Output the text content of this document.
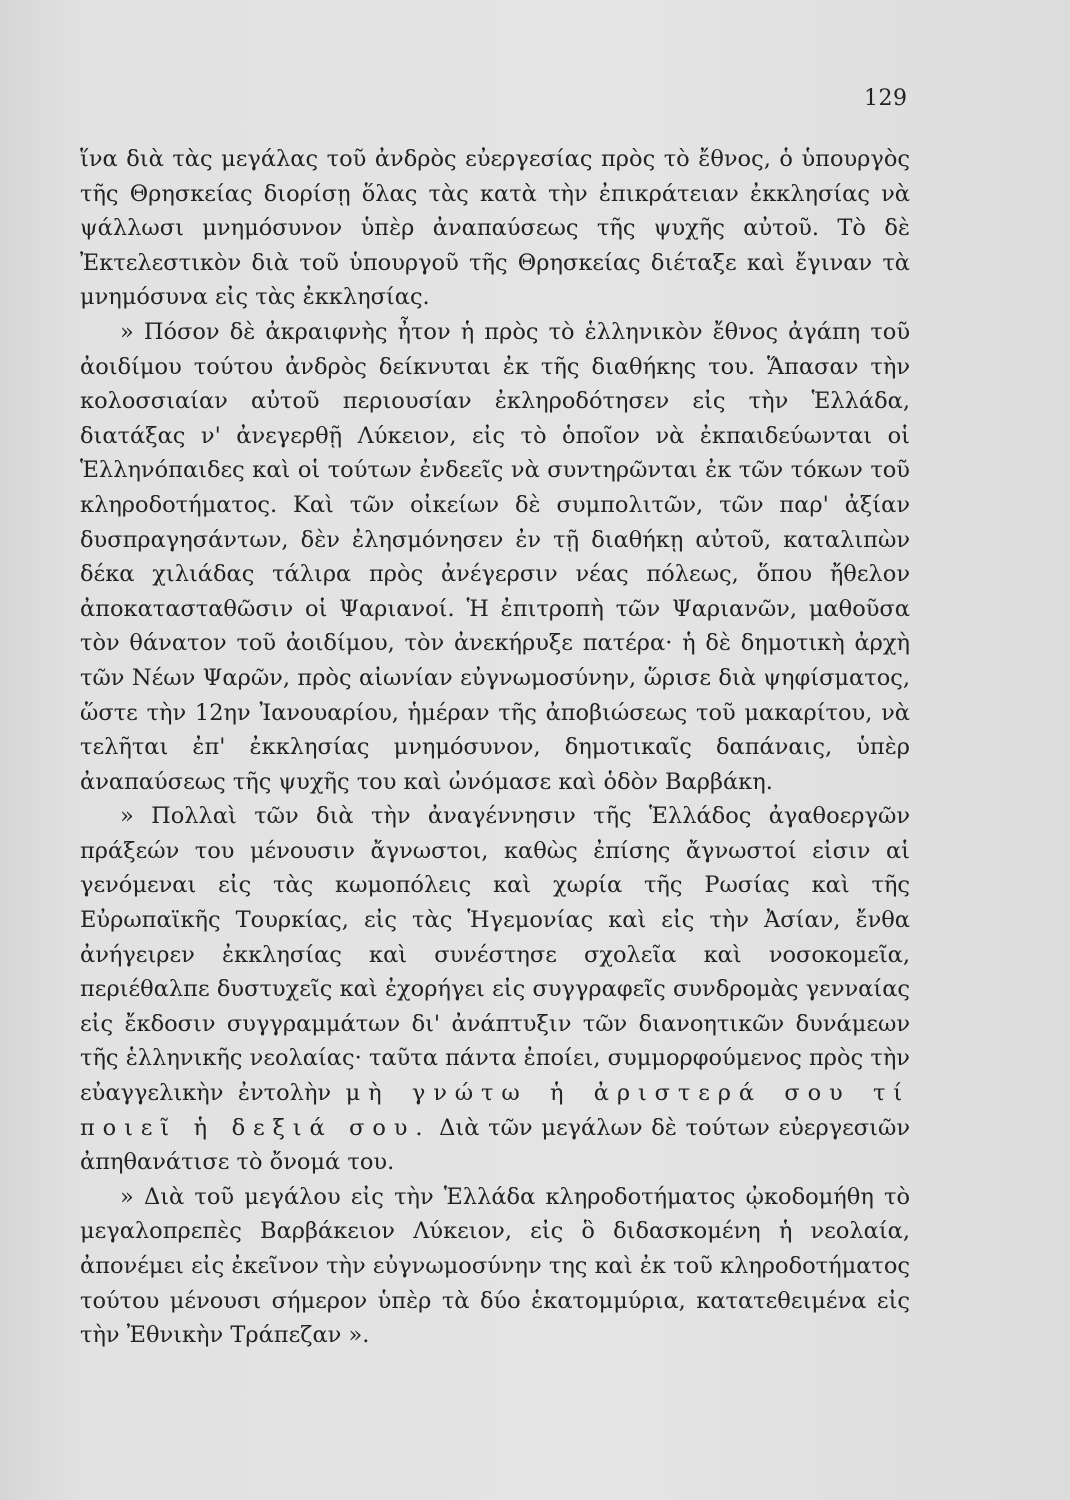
129

ἵνα διὰ τὰς μεγάλας τοῦ ἀνδρὸς εὐεργεσίας πρὸς τὸ ἔθνος, ὁ ὑπουργὸς τῆς Θρησκείας διορίσῃ ὅλας τὰς κατὰ τὴν ἐπικράτειαν ἐκκλησίας νὰ ψάλλωσι μνημόσυνον ὑπὲρ ἀναπαύσεως τῆς ψυχῆς αὐτοῦ. Τὸ δὲ Ἐκτελεστικὸν διὰ τοῦ ὑπουργοῦ τῆς Θρησκείας διέταξε καὶ ἔγιναν τὰ μνημόσυνα εἰς τὰς ἐκκλησίας.

» Πόσον δὲ ἀκραιφνὴς ἦτον ἡ πρὸς τὸ ἑλληνικὸν ἔθνος ἀγάπη τοῦ ἀοιδίμου τούτου ἀνδρὸς δείκνυται ἐκ τῆς διαθήκης του. Ἅπασαν τὴν κολοσσιαίαν αὐτοῦ περιουσίαν ἐκληροδότησεν εἰς τὴν Ἑλλάδα, διατάξας ν' ἀνεγερθῇ Λύκειον, εἰς τὸ ὁποῖον νὰ ἐκπαιδεύωνται οἱ Ἑλληνόπαιδες καὶ οἱ τούτων ἐνδεεῖς νὰ συντηρῶνται ἐκ τῶν τόκων τοῦ κληροδοτήματος. Καὶ τῶν οἰκείων δὲ συμπολιτῶν, τῶν παρ' ἀξίαν δυσπραγησάντων, δὲν ἐλησμόνησεν ἐν τῇ διαθήκῃ αὐτοῦ, καταλιπὼν δέκα χιλιάδας τάλιρα πρὸς ἀνέγερσιν νέας πόλεως, ὅπου ἤθελον ἀποκατασταθῶσιν οἱ Ψαριανοί. Ἡ ἐπιτροπὴ τῶν Ψαριανῶν, μαθοῦσα τὸν θάνατον τοῦ ἀοιδίμου, τὸν ἀνεκήρυξε πατέρα· ἡ δὲ δημοτικὴ ἀρχὴ τῶν Νέων Ψαρῶν, πρὸς αἰωνίαν εὐγνωμοσύνην, ὥρισε διὰ ψηφίσματος, ὥστε τὴν 12ην Ἰανουαρίου, ἡμέραν τῆς ἀποβιώσεως τοῦ μακαρίτου, νὰ τελῆται ἐπ' ἐκκλησίας μνημόσυνον, δημοτικαῖς δαπάναις, ὑπὲρ ἀναπαύσεως τῆς ψυχῆς του καὶ ὠνόμασε καὶ ὁδὸν Βαρβάκη.

» Πολλαὶ τῶν διὰ τὴν ἀναγέννησιν τῆς Ἑλλάδος ἀγαθοεργῶν πράξεών του μένουσιν ἄγνωστοι, καθὼς ἐπίσης ἄγνωστοί εἰσιν αἱ γενόμεναι εἰς τὰς κωμοπόλεις καὶ χωρία τῆς Ρωσίας καὶ τῆς Εὐρωπαϊκῆς Τουρκίας, εἰς τὰς Ἡγεμονίας καὶ εἰς τὴν Ἀσίαν, ἔνθα ἀνήγειρεν ἐκκλησίας καὶ συνέστησε σχολεῖα καὶ νοσοκομεῖα, περιέθαλπε δυστυχεῖς καὶ ἐχορήγει εἰς συγγραφεῖς συνδρομὰς γενναίας εἰς ἔκδοσιν συγγραμμάτων δι' ἀνάπτυξιν τῶν διανοητικῶν δυνάμεων τῆς ἑλληνικῆς νεολαίας· ταῦτα πάντα ἐποίει, συμμορφούμενος πρὸς τὴν εὐαγγελικὴν ἐντολὴν μὴ γνώτω ἡ ἀριστερά σου τί ποιεῖ ἡ δεξιά σου. Διὰ τῶν μεγάλων δὲ τούτων εὐεργεσιῶν ἀπηθανάτισε τὸ ὄνομά του.

» Διὰ τοῦ μεγάλου εἰς τὴν Ἑλλάδα κληροδοτήματος ᾠκοδομήθη τὸ μεγαλοπρεπὲς Βαρβάκειον Λύκειον, εἰς ὃ διδασκομένη ἡ νεολαία, ἀπονέμει εἰς ἐκεῖνον τὴν εὐγνωμοσύνην της καὶ ἐκ τοῦ κληροδοτήματος τούτου μένουσι σήμερον ὑπὲρ τὰ δύο ἑκατομμύρια, κατατεθειμένα εἰς τὴν Ἐθνικὴν Τράπεζαν ».
